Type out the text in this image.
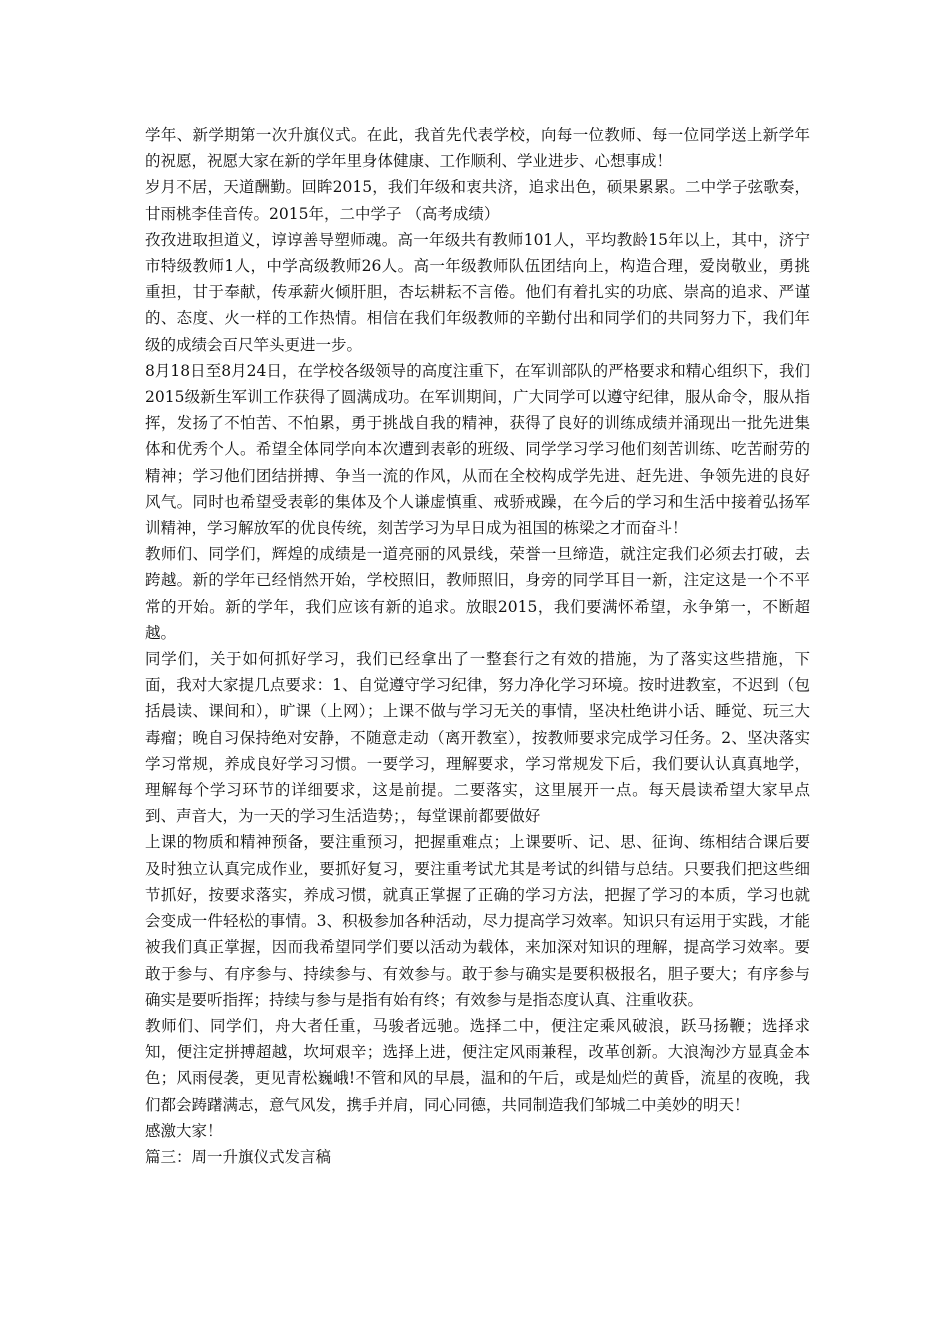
学年、新学期第一次升旗仪式。在此，我首先代表学校，向每一位教师、每一位同学送上新学年的祝愿，祝愿大家在新的学年里身体健康、工作顺利、学业进步、心想事成！

岁月不居，天道酬勤。回眸2015，我们年级和衷共济，追求出色，硕果累累。二中学子弦歌奏，甘雨桃李佳音传。2015年，二中学子 （高考成绩）

孜孜进取担道义，谆谆善导塑师魂。高一年级共有教师101人，平均教龄15年以上，其中，济宁市特级教师1人，中学高级教师26人。高一年级教师队伍团结向上，构造合理，爱岗敬业，勇挑重担，甘于奉献，传承薪火倾肝胆，杏坛耕耘不言倦。他们有着扎实的功底、崇高的追求、严谨的、态度、火一样的工作热情。相信在我们年级教师的辛勤付出和同学们的共同努力下，我们年级的成绩会百尺竿头更进一步。

8月18日至8月24日，在学校各级领导的高度注重下，在军训部队的严格要求和精心组织下，我们2015级新生军训工作获得了圆满成功。在军训期间，广大同学可以遵守纪律，服从命令，服从指挥，发扬了不怕苦、不怕累，勇于挑战自我的精神，获得了良好的训练成绩并涌现出一批先进集体和优秀个人。希望全体同学向本次遭到表彰的班级、同学学习学习他们刻苦训练、吃苦耐劳的精神；学习他们团结拼搏、争当一流的作风，从而在全校构成学先进、赶先进、争领先进的良好风气。同时也希望受表彰的集体及个人谦虚慎重、戒骄戒躁，在今后的学习和生活中接着弘扬军训精神，学习解放军的优良传统，刻苦学习为早日成为祖国的栋梁之才而奋斗！

教师们、同学们，辉煌的成绩是一道亮丽的风景线，荣誉一旦缔造，就注定我们必须去打破，去跨越。新的学年已经悄然开始，学校照旧，教师照旧，身旁的同学耳目一新，注定这是一个不平常的开始。新的学年，我们应该有新的追求。放眼2015，我们要满怀希望，永争第一，不断超越。

同学们，关于如何抓好学习，我们已经拿出了一整套行之有效的措施，为了落实这些措施，下面，我对大家提几点要求：1、自觉遵守学习纪律，努力净化学习环境。按时进教室，不迟到（包括晨读、课间和），旷课（上网）；上课不做与学习无关的事情，坚决杜绝讲小话、睡觉、玩三大毒瘤；晚自习保持绝对安静，不随意走动（离开教室），按教师要求完成学习任务。2、坚决落实学习常规，养成良好学习习惯。一要学习，理解要求，学习常规发下后，我们要认认真真地学，理解每个学习环节的详细要求，这是前提。二要落实，这里展开一点。每天晨读希望大家早点到、声音大，为一天的学习生活造势；，每堂课前都要做好

上课的物质和精神预备，要注重预习，把握重难点；上课要听、记、思、征询、练相结合课后要及时独立认真完成作业，要抓好复习，要注重考试尤其是考试的纠错与总结。只要我们把这些细节抓好，按要求落实，养成习惯，就真正掌握了正确的学习方法，把握了学习的本质，学习也就会变成一件轻松的事情。3、积极参加各种活动，尽力提高学习效率。知识只有运用于实践，才能被我们真正掌握，因而我希望同学们要以活动为载体，来加深对知识的理解，提高学习效率。要敢于参与、有序参与、持续参与、有效参与。敢于参与确实是要积极报名，胆子要大；有序参与确实是要听指挥；持续与参与是指有始有终；有效参与是指态度认真、注重收获。

教师们、同学们，舟大者任重，马骏者远驰。选择二中，便注定乘风破浪，跃马扬鞭；选择求知，便注定拼搏超越，坎坷艰辛；选择上进，便注定风雨兼程，改革创新。大浪淘沙方显真金本色；风雨侵袭，更见青松巍峨!不管和风的早晨，温和的午后，或是灿烂的黄昏，流星的夜晚，我们都会踌躇满志，意气风发，携手并肩，同心同德，共同制造我们邹城二中美妙的明天！

感激大家！

篇三：周一升旗仪式发言稿
